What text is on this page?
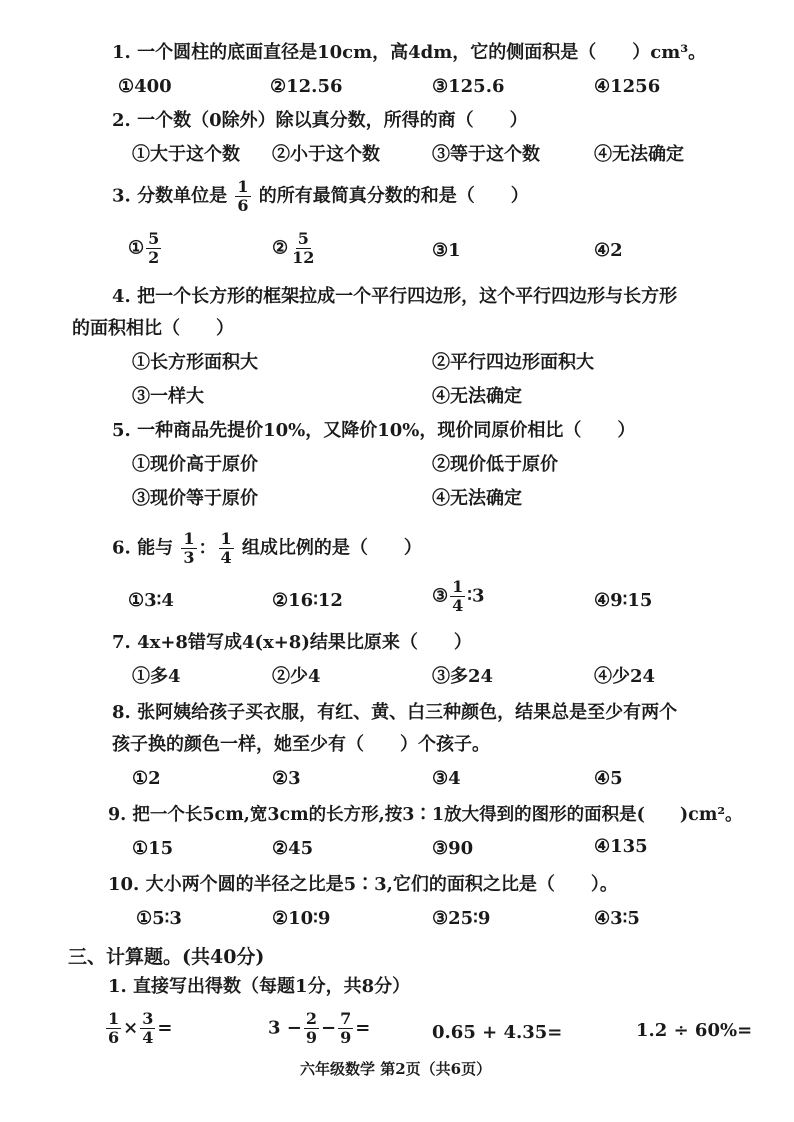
1. 一个圆柱的底面直径是10cm，高4dm，它的侧面积是（　　）cm³。
①400	②12.56	③125.6	④1256
2. 一个数（0除外）除以真分数，所得的商（　　）
①大于这个数 ②小于这个数	③等于这个数	④无法确定
3. 分数单位是 $\frac{1}{6}$ 的所有最简真分数的和是（　　）
① $\frac{5}{2}$	② $\frac{5}{12}$	③1	④2
4. 把一个长方形的框架拉成一个平行四边形，这个平行四边形与长方形
的面积相比（　　）
①长方形面积大	②平行四边形面积大
③一样大	④无法确定
5. 一种商品先提价10%，又降价10%，现价同原价相比（　　）
①现价高于原价	②现价低于原价
③现价等于原价	④无法确定
6. 能与 $\frac{1}{3}$ ： $\frac{1}{4}$ 组成比例的是（　　）
①3∶4	②16∶12	③ $\frac{1}{4}$ ∶3	④9∶15
7. 4x+8错写成4(x+8)结果比原来（　　）
①多4	②少4	③多24	④少24
8. 张阿姨给孩子买衣服，有红、黄、白三种颜色，结果总是至少有两个
孩子换的颜色一样，她至少有（　　）个孩子。
①2	②3	③4	④5
9. 把一个长5cm,宽3cm的长方形,按3∶1放大得到的图形的面积是(　　)cm²。
①15	②45	③90	④135
10. 大小两个圆的半径之比是5∶3,它们的面积之比是（　　）。
①5∶3	②10∶9	③25∶9	④3∶5
三、计算题。(共40分)
1. 直接写出得数（每题1分，共8分）
$\frac{1}{6} \times \frac{3}{4}$ =	$3 - \frac{2}{9} - \frac{7}{9}$ =	0.65 + 4.35=	1.2 ÷ 60%=
六年级数学 第2页（共6页）
